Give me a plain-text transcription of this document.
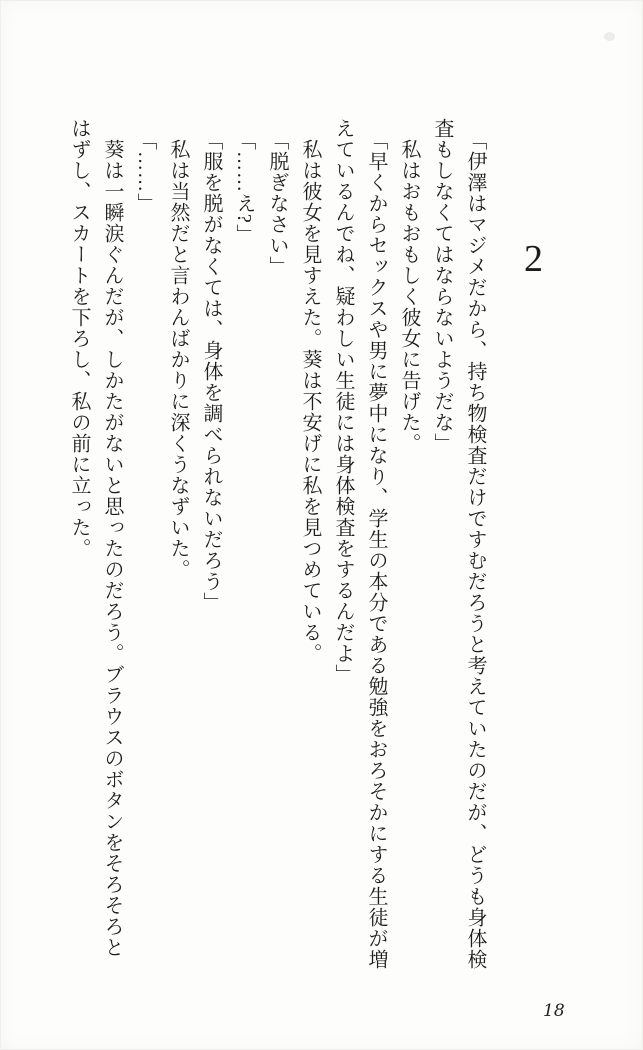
2

「伊澤はマジメだから、持ち物検査だけですむだろうと考えていたのだが、どうも身体検

査もしなくてはならないようだな」

私はおもおもしく彼女に告げた。

「早くからセックスや男に夢中になり、学生の本分である勉強をおろそかにする生徒が増

えているんでね、疑わしい生徒には身体検査をするんだよ」

私は彼女を見すえた。葵は不安げに私を見つめている。

「脱ぎなさい」

「……え?」

「服を脱がなくては、身体を調べられないだろう」

私は当然だと言わんばかりに深くうなずいた。

「……」

葵は一瞬涙ぐんだが、しかたがないと思ったのだろう。ブラウスのボタンをそろそろと

はずし、スカートを下ろし、私の前に立った。

18
